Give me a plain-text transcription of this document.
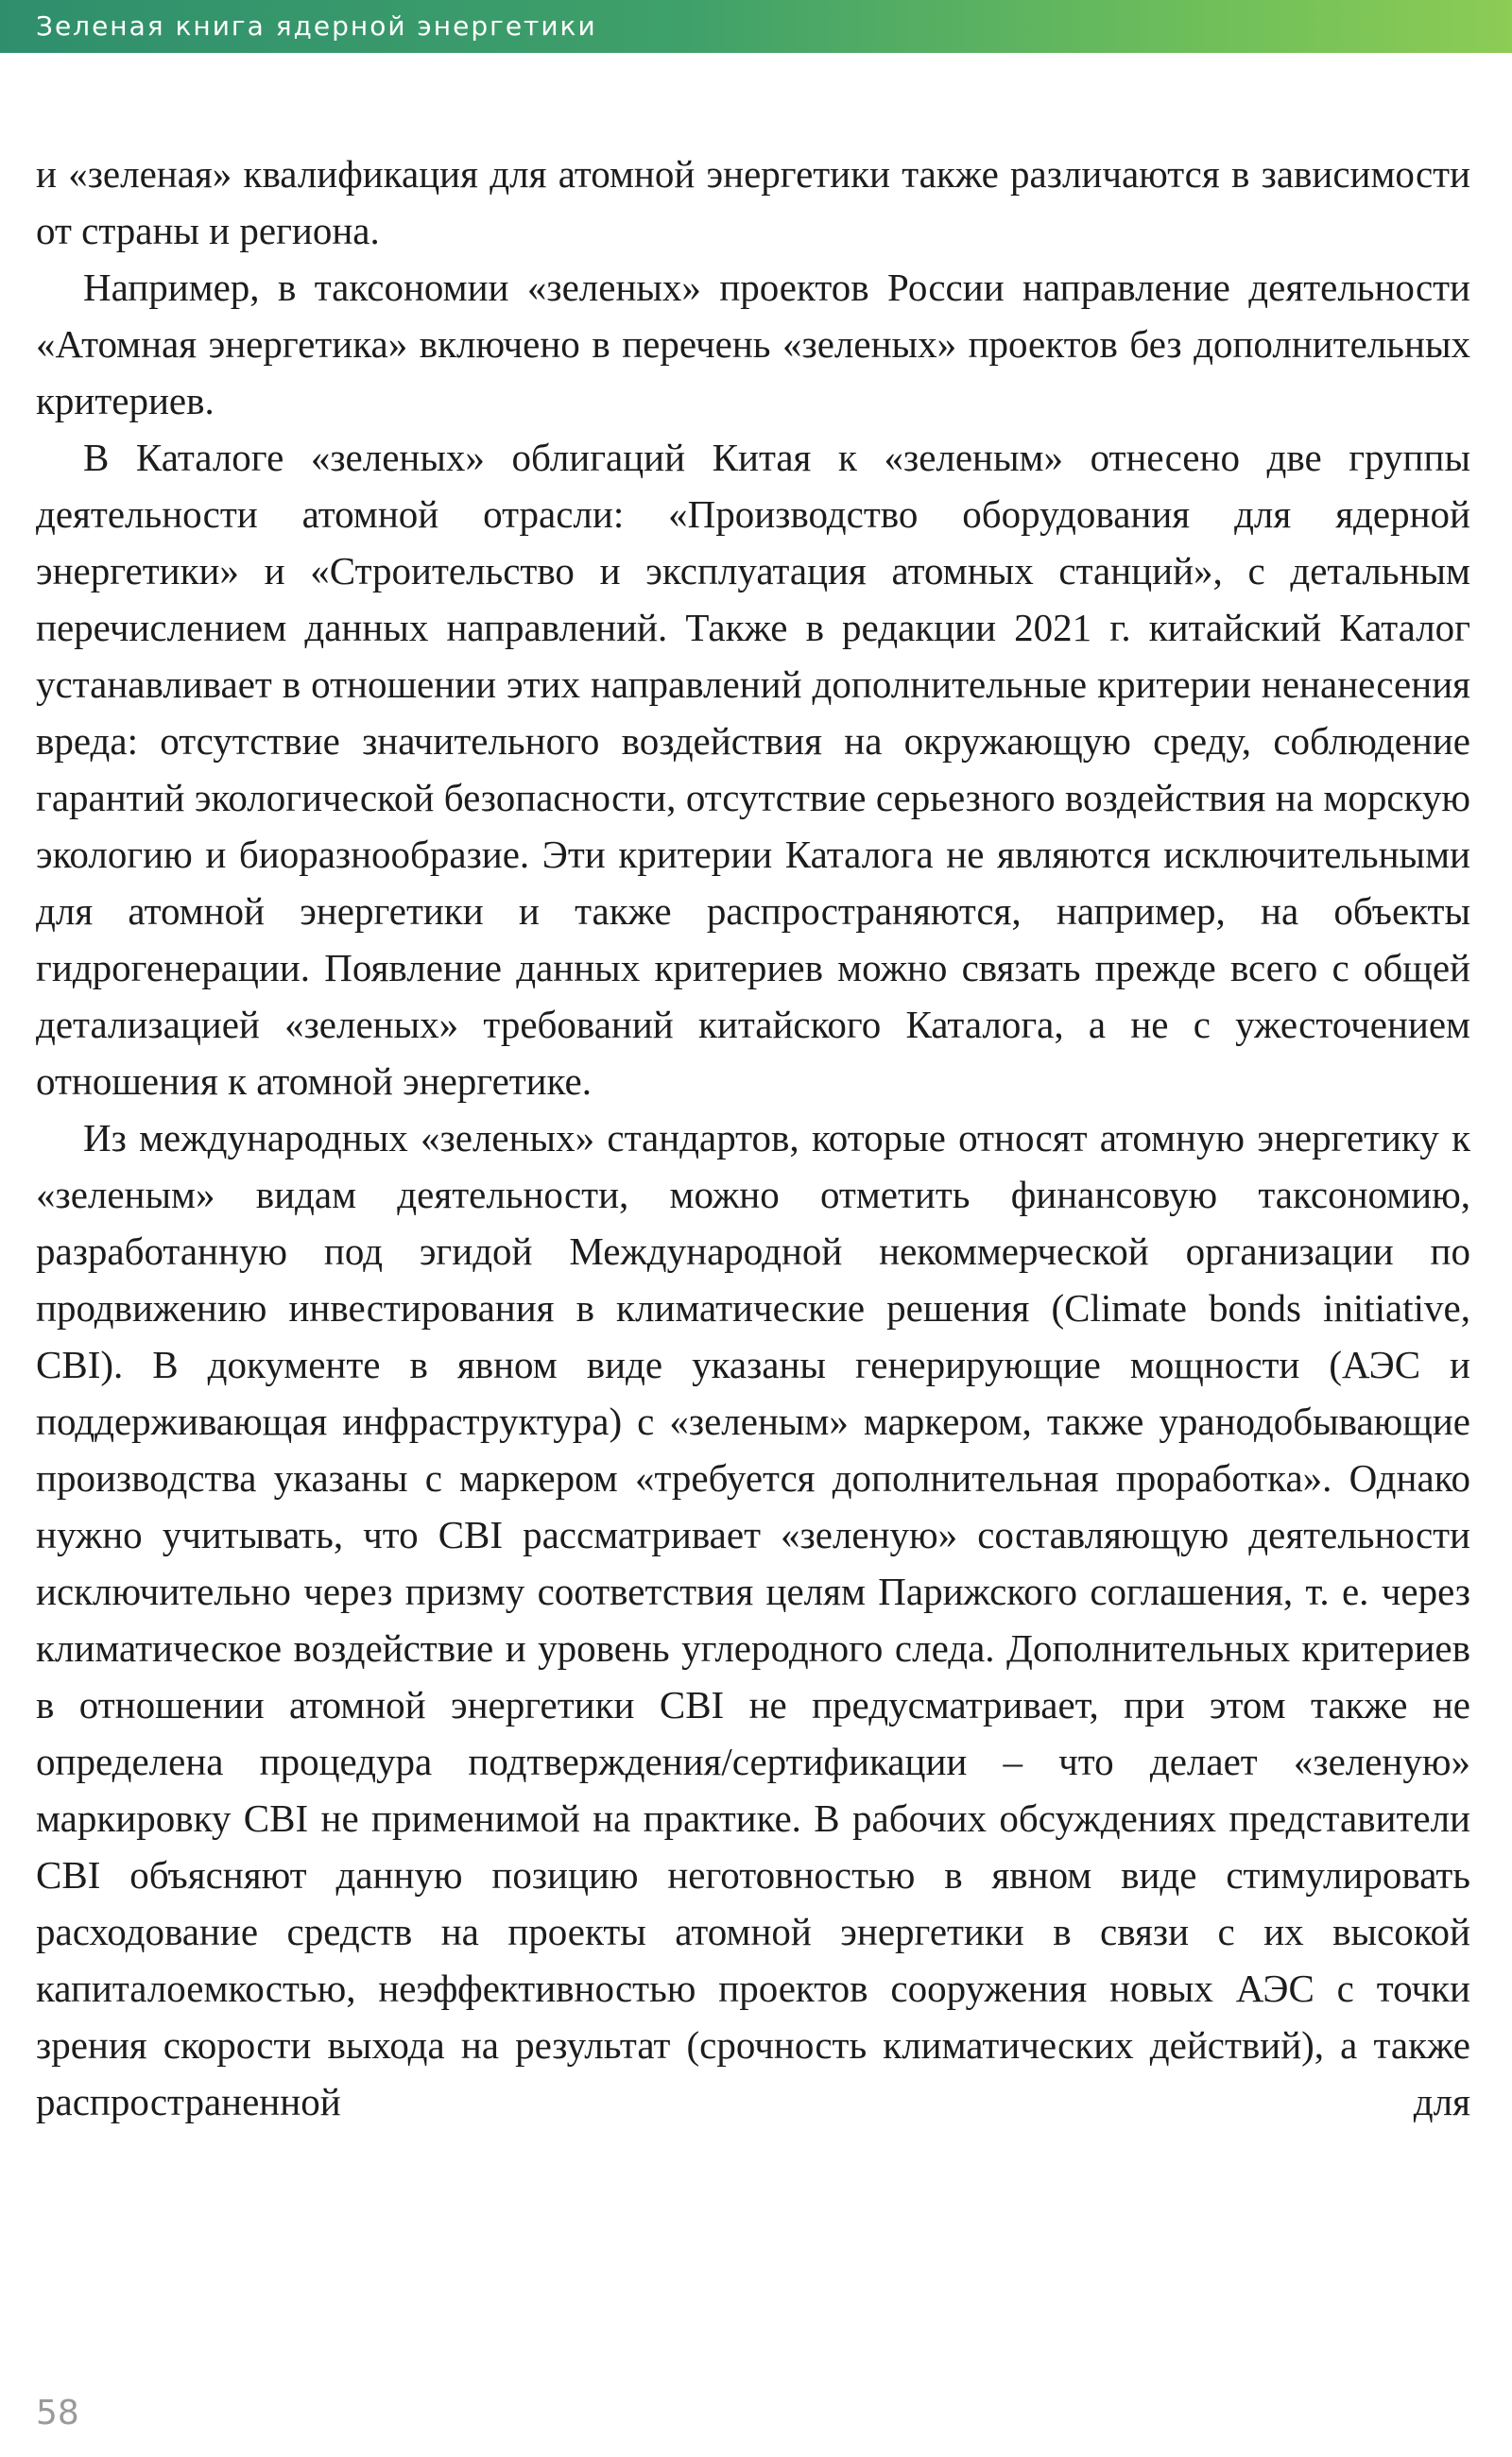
Зеленая книга ядерной энергетики

и «зеленая» квалификация для атомной энергетики также различаются в зависимости от страны и региона.

Например, в таксономии «зеленых» проектов России направление деятельности «Атомная энергетика» включено в перечень «зеленых» проектов без дополнительных критериев.

В Каталоге «зеленых» облигаций Китая к «зеленым» отнесено две группы деятельности атомной отрасли: «Производство оборудования для ядерной энергетики» и «Строительство и эксплуатация атомных станций», с детальным перечислением данных направлений. Также в редакции 2021 г. китайский Каталог устанавливает в отношении этих направлений дополнительные критерии ненанесения вреда: отсутствие значительного воздействия на окружающую среду, соблюдение гарантий экологической безопасности, отсутствие серьезного воздействия на морскую экологию и биоразнообразие. Эти критерии Каталога не являются исключительными для атомной энергетики и также распространяются, например, на объекты гидрогенерации. Появление данных критериев можно связать прежде всего с общей детализацией «зеленых» требований китайского Каталога, а не с ужесточением отношения к атомной энергетике.

Из международных «зеленых» стандартов, которые относят атомную энергетику к «зеленым» видам деятельности, можно отметить финансовую таксономию, разработанную под эгидой Международной некоммерческой организации по продвижению инвестирования в климатические решения (Climate bonds initiative, CBI). В документе в явном виде указаны генерирующие мощности (АЭС и поддерживающая инфраструктура) с «зеленым» маркером, также уранодобывающие производства указаны с маркером «требуется дополнительная проработка». Однако нужно учитывать, что CBI рассматривает «зеленую» составляющую деятельности исключительно через призму соответствия целям Парижского соглашения, т. е. через климатическое воздействие и уровень углеродного следа. Дополнительных критериев в отношении атомной энергетики CBI не предусматривает, при этом также не определена процедура подтверждения/сертификации – что делает «зеленую» маркировку CBI не применимой на практике. В рабочих обсуждениях представители CBI объясняют данную позицию неготовностью в явном виде стимулировать расходование средств на проекты атомной энергетики в связи с их высокой капиталоемкостью, неэффективностью проектов сооружения новых АЭС с точки зрения скорости выхода на результат (срочность климатических действий), а также распространенной для

58
